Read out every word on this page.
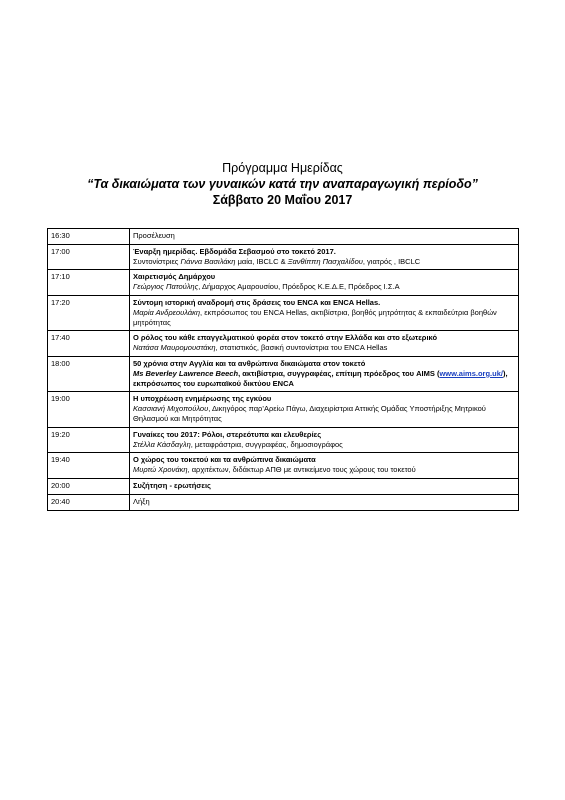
Πρόγραμμα Ημερίδας
“Τα δικαιώματα των γυναικών κατά την αναπαραγωγική περίοδο”
Σάββατο 20 Μαΐου 2017
16:30	Προσέλευση

17:00	Έναρξη ημερίδας. Εβδομάδα Σεβασμού στο τοκετό 2017.
Συντονίστριες Γιάννα Βασιλάκη μαία, IBCLC & Ξανθίππη Πασχαλίδου, γιατρός , IBCLC

17:10	Χαιρετισμός Δημάρχου
Γεώργιος Πατούλης, Δήμαρχος Αμαρουσίου, Πρόεδρος Κ.Ε.Δ.Ε, Πρόεδρος Ι.Σ.Α

17:20	Σύντομη ιστορική αναδρομή στις δράσεις του ENCA και ENCA Hellas.
Μαρία Ανδρεουλάκη, εκπρόσωπος του ENCA Hellas, ακτιβίστρια, βοηθός μητρότητας & εκπαιδεύτρια βοηθών μητρότητας

17:40	Ο ρόλος του κάθε επαγγελματικού φορέα στον τοκετό στην Ελλάδα και στο εξωτερικό
Νατάσα Μαυρομουστάκη, στατιστικός, βασική συντονίστρια του ENCA Hellas

18:00	50 χρόνια στην Αγγλία και τα ανθρώπινα δικαιώματα στον τοκετό
Ms Beverley Lawrence Beech, ακτιβίστρια, συγγραφέας, επίτιμη πρόεδρος του AIMS (www.aims.org.uk/), εκπρόσωπος του ευρωπαϊκού δικτύου ENCA

19:00	Η υποχρέωση ενημέρωσης της εγκύου
Κασσιανή Μιχοπούλου, Δικηγόρος παρ’Αρείω Πάγω, Διαχειρίστρια Αττικής Ομάδας Υποστήριξης Μητρικού Θηλασμού και Μητρότητας

19:20	Γυναίκες του 2017: Ρόλοι, στερεότυπα και ελευθερίες
Στέλλα Κάσδαγλη, μεταφράστρια, συγγραφέας, δημοσιογράφος

19:40	Ο χώρος του τοκετού και τα ανθρώπινα δικαιώματα
Μυρτώ Χρονάκη, αρχιτέκτων, διδάκτωρ ΑΠΘ με αντικείμενο τους χώρους του τοκετού

20:00	Συζήτηση - ερωτήσεις

20:40	Λήξη
